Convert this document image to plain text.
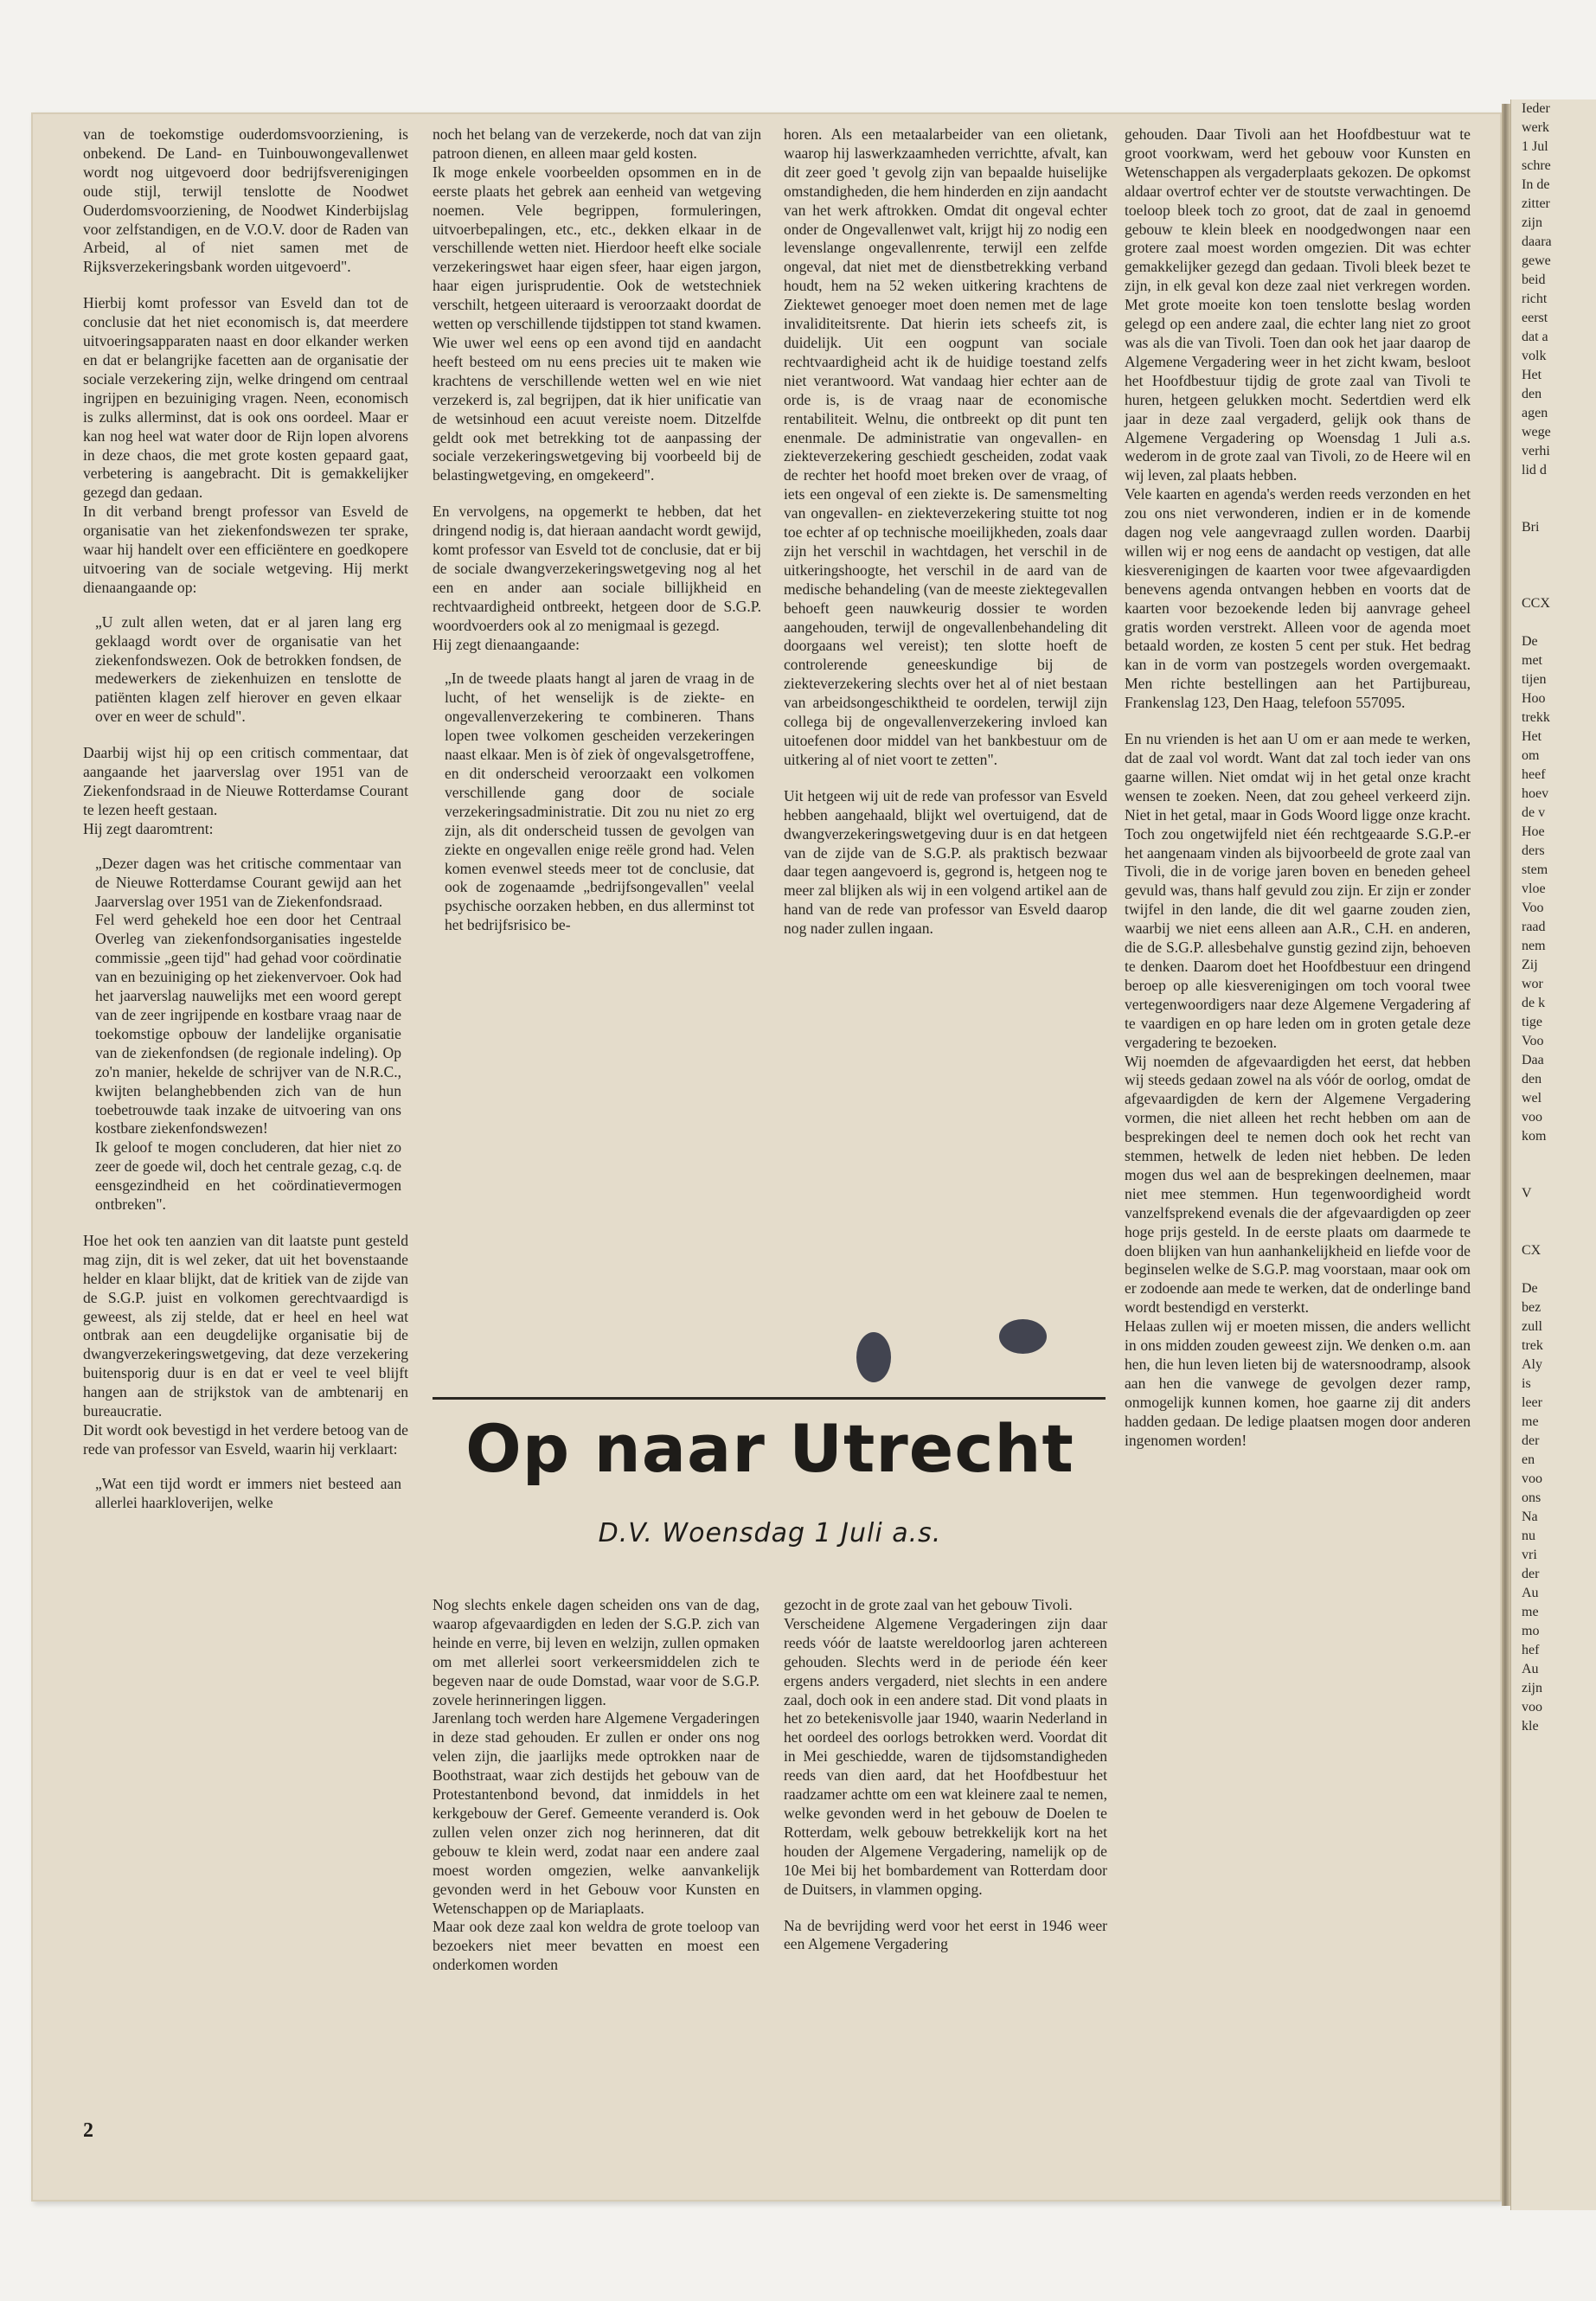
Ieder
werk
1 Jul
schre
In de
zitter
zijn
daara
gewe
beid
richt
eerst
dat a
volk
Het
den
agen
wege
verhi
lid d

Bri

CCX

De
met
tijen
Hoo
trekk
Het
om
heef
hoev
de v
Hoe
ders
stem
vloe
Voo
raad
nem
Zij
wor
de k
tige
Voo
Daa
den
wel
voo
kom

V

CX

De
bez
zull
trek
Aly
is
leer
me
der
en
voo
ons
Na
nu
vri
der
Au
me
mo
hef
Au
zijn
voo
kle

van de toekomstige ouderdomsvoorziening, is onbekend. De Land- en Tuinbouwongevallenwet wordt nog uitgevoerd door bedrijfsverenigingen oude stijl, terwijl tenslotte de Noodwet Ouderdomsvoorziening, de Noodwet Kinderbijslag voor zelfstandigen, en de V.O.V. door de Raden van Arbeid, al of niet samen met de Rijksverzekeringsbank worden uitgevoerd".

Hierbij komt professor van Esveld dan tot de conclusie dat het niet economisch is, dat meerdere uitvoeringsapparaten naast en door elkander werken en dat er belangrijke facetten aan de organisatie der sociale verzekering zijn, welke dringend om centraal ingrijpen en bezuiniging vragen. Neen, economisch is zulks allerminst, dat is ook ons oordeel. Maar er kan nog heel wat water door de Rijn lopen alvorens in deze chaos, die met grote kosten gepaard gaat, verbetering is aangebracht. Dit is gemakkelijker gezegd dan gedaan.

In dit verband brengt professor van Esveld de organisatie van het ziekenfondswezen ter sprake, waar hij handelt over een efficiëntere en goedkopere uitvoering van de sociale wetgeving. Hij merkt dienaangaande op:

„U zult allen weten, dat er al jaren lang erg geklaagd wordt over de organisatie van het ziekenfondswezen. Ook de betrokken fondsen, de medewerkers de ziekenhuizen en tenslotte de patiënten klagen zelf hierover en geven elkaar over en weer de schuld".

Daarbij wijst hij op een critisch commentaar, dat aangaande het jaarverslag over 1951 van de Ziekenfondsraad in de Nieuwe Rotterdamse Courant te lezen heeft gestaan.

Hij zegt daaromtrent:

„Dezer dagen was het critische commentaar van de Nieuwe Rotterdamse Courant gewijd aan het Jaarverslag over 1951 van de Ziekenfondsraad.

Fel werd gehekeld hoe een door het Centraal Overleg van ziekenfondsorganisaties ingestelde commissie „geen tijd" had gehad voor coördinatie van en bezuiniging op het ziekenvervoer. Ook had het jaarverslag nauwelijks met een woord gerept van de zeer ingrijpende en kostbare vraag naar de toekomstige opbouw der landelijke organisatie van de ziekenfondsen (de regionale indeling). Op zo'n manier, hekelde de schrijver van de N.R.C., kwijten belanghebbenden zich van de hun toebetrouwde taak inzake de uitvoering van ons kostbare ziekenfondswezen!

Ik geloof te mogen concluderen, dat hier niet zo zeer de goede wil, doch het centrale gezag, c.q. de eensgezindheid en het coördinatievermogen ontbreken".

Hoe het ook ten aanzien van dit laatste punt gesteld mag zijn, dit is wel zeker, dat uit het bovenstaande helder en klaar blijkt, dat de kritiek van de zijde van de S.G.P. juist en volkomen gerechtvaardigd is geweest, als zij stelde, dat er heel en heel wat ontbrak aan een deugdelijke organisatie bij de dwangverzekeringswetgeving, dat deze verzekering buitensporig duur is en dat er veel te veel blijft hangen aan de strijkstok van de ambtenarij en bureaucratie.

Dit wordt ook bevestigd in het verdere betoog van de rede van professor van Esveld, waarin hij verklaart:

„Wat een tijd wordt er immers niet besteed aan allerlei haarkloverijen, welke

noch het belang van de verzekerde, noch dat van zijn patroon dienen, en alleen maar geld kosten.

Ik moge enkele voorbeelden opsommen en in de eerste plaats het gebrek aan eenheid van wetgeving noemen. Vele begrippen, formuleringen, uitvoerbepalingen, etc., etc., dekken elkaar in de verschillende wetten niet. Hierdoor heeft elke sociale verzekeringswet haar eigen sfeer, haar eigen jargon, haar eigen jurisprudentie. Ook de wetstechniek verschilt, hetgeen uiteraard is veroorzaakt doordat de wetten op verschillende tijdstippen tot stand kwamen. Wie uwer wel eens op een avond tijd en aandacht heeft besteed om nu eens precies uit te maken wie krachtens de verschillende wetten wel en wie niet verzekerd is, zal begrijpen, dat ik hier unificatie van de wetsinhoud een acuut vereiste noem. Ditzelfde geldt ook met betrekking tot de aanpassing der sociale verzekeringswetgeving bij voorbeeld bij de belastingwetgeving, en omgekeerd".

En vervolgens, na opgemerkt te hebben, dat het dringend nodig is, dat hieraan aandacht wordt gewijd, komt professor van Esveld tot de conclusie, dat er bij de sociale dwangverzekeringswetgeving nog al het een en ander aan sociale billijkheid en rechtvaardigheid ontbreekt, hetgeen door de S.G.P. woordvoerders ook al zo menigmaal is gezegd.

Hij zegt dienaangaande:

„In de tweede plaats hangt al jaren de vraag in de lucht, of het wenselijk is de ziekte- en ongevallenverzekering te combineren. Thans lopen twee volkomen gescheiden verzekeringen naast elkaar. Men is òf ziek òf ongevalsgetroffene, en dit onderscheid veroorzaakt een volkomen verschillende gang door de sociale verzekeringsadministratie. Dit zou nu niet zo erg zijn, als dit onderscheid tussen de gevolgen van ziekte en ongevallen enige reële grond had. Velen komen evenwel steeds meer tot de conclusie, dat ook de zogenaamde „bedrijfsongevallen" veelal psychische oorzaken hebben, en dus allerminst tot het bedrijfsrisico be-

horen. Als een metaalarbeider van een olietank, waarop hij laswerkzaamheden verrichtte, afvalt, kan dit zeer goed 't gevolg zijn van bepaalde huiselijke omstandigheden, die hem hinderden en zijn aandacht van het werk aftrokken. Omdat dit ongeval echter onder de Ongevallenwet valt, krijgt hij zo nodig een levenslange ongevallenrente, terwijl een zelfde ongeval, dat niet met de dienstbetrekking verband houdt, hem na 52 weken uitkering krachtens de Ziektewet genoeger moet doen nemen met de lage invaliditeitsrente. Dat hierin iets scheefs zit, is duidelijk. Uit een oogpunt van sociale rechtvaardigheid acht ik de huidige toestand zelfs niet verantwoord. Wat vandaag hier echter aan de orde is, is de vraag naar de economische rentabiliteit. Welnu, die ontbreekt op dit punt ten enenmale. De administratie van ongevallen- en ziekteverzekering geschiedt gescheiden, zodat vaak de rechter het hoofd moet breken over de vraag, of iets een ongeval of een ziekte is. De samensmelting van ongevallen- en ziekteverzekering stuitte tot nog toe echter af op technische moeilijkheden, zoals daar zijn het verschil in wachtdagen, het verschil in de uitkeringshoogte, het verschil in de aard van de medische behandeling (van de meeste ziektegevallen behoeft geen nauwkeurig dossier te worden aangehouden, terwijl de ongevallenbehandeling dit doorgaans wel vereist); ten slotte hoeft de controlerende geneeskundige bij de ziekteverzekering slechts over het al of niet bestaan van arbeidsongeschiktheid te oordelen, terwijl zijn collega bij de ongevallenverzekering invloed kan uitoefenen door middel van het bankbestuur om de uitkering al of niet voort te zetten".

Uit hetgeen wij uit de rede van professor van Esveld hebben aangehaald, blijkt wel overtuigend, dat de dwangverzekeringswetgeving duur is en dat hetgeen van de zijde van de S.G.P. als praktisch bezwaar daar tegen aangevoerd is, gegrond is, hetgeen nog te meer zal blijken als wij in een volgend artikel aan de hand van de rede van professor van Esveld daarop nog nader zullen ingaan.

gehouden. Daar Tivoli aan het Hoofdbestuur wat te groot voorkwam, werd het gebouw voor Kunsten en Wetenschappen als vergaderplaats gekozen. De opkomst aldaar overtrof echter ver de stoutste verwachtingen. De toeloop bleek toch zo groot, dat de zaal in genoemd gebouw te klein bleek en noodgedwongen naar een grotere zaal moest worden omgezien. Dit was echter gemakkelijker gezegd dan gedaan. Tivoli bleek bezet te zijn, in elk geval kon deze zaal niet verkregen worden. Met grote moeite kon toen tenslotte beslag worden gelegd op een andere zaal, die echter lang niet zo groot was als die van Tivoli. Toen dan ook het jaar daarop de Algemene Vergadering weer in het zicht kwam, besloot het Hoofdbestuur tijdig de grote zaal van Tivoli te huren, hetgeen gelukken mocht. Sedertdien werd elk jaar in deze zaal vergaderd, gelijk ook thans de Algemene Vergadering op Woensdag 1 Juli a.s. wederom in de grote zaal van Tivoli, zo de Heere wil en wij leven, zal plaats hebben.

Vele kaarten en agenda's werden reeds verzonden en het zou ons niet verwonderen, indien er in de komende dagen nog vele aangevraagd zullen worden. Daarbij willen wij er nog eens de aandacht op vestigen, dat alle kiesverenigingen de kaarten voor twee afgevaardigden benevens agenda ontvangen hebben en voorts dat de kaarten voor bezoekende leden bij aanvrage geheel gratis worden verstrekt. Alleen voor de agenda moet betaald worden, ze kosten 5 cent per stuk. Het bedrag kan in de vorm van postzegels worden overgemaakt. Men richte bestellingen aan het Partijbureau, Frankenslag 123, Den Haag, telefoon 557095.

En nu vrienden is het aan U om er aan mede te werken, dat de zaal vol wordt. Want dat zal toch ieder van ons gaarne willen. Niet omdat wij in het getal onze kracht wensen te zoeken. Neen, dat zou geheel verkeerd zijn. Niet in het getal, maar in Gods Woord ligge onze kracht. Toch zou ongetwijfeld niet één rechtgeaarde S.G.P.-er het aangenaam vinden als bijvoorbeeld de grote zaal van Tivoli, die in de vorige jaren boven en beneden geheel gevuld was, thans half gevuld zou zijn. Er zijn er zonder twijfel in den lande, die dit wel gaarne zouden zien, waarbij we niet eens alleen aan A.R., C.H. en anderen, die de S.G.P. allesbehalve gunstig gezind zijn, behoeven te denken. Daarom doet het Hoofdbestuur een dringend beroep op alle kiesverenigingen om toch vooral twee vertegenwoordigers naar deze Algemene Vergadering af te vaardigen en op hare leden om in groten getale deze vergadering te bezoeken.

Wij noemden de afgevaardigden het eerst, dat hebben wij steeds gedaan zowel na als vóór de oorlog, omdat de afgevaardigden de kern der Algemene Vergadering vormen, die niet alleen het recht hebben om aan de besprekingen deel te nemen doch ook het recht van stemmen, hetwelk de leden niet hebben. De leden mogen dus wel aan de besprekingen deelnemen, maar niet mee stemmen. Hun tegenwoordigheid wordt vanzelfsprekend evenals die der afgevaardigden op zeer hoge prijs gesteld. In de eerste plaats om daarmede te doen blijken van hun aanhankelijkheid en liefde voor de beginselen welke de S.G.P. mag voorstaan, maar ook om er zodoende aan mede te werken, dat de onderlinge band wordt bestendigd en versterkt.

Helaas zullen wij er moeten missen, die anders wellicht in ons midden zouden geweest zijn. We denken o.m. aan hen, die hun leven lieten bij de watersnoodramp, alsook aan hen die vanwege de gevolgen dezer ramp, onmogelijk kunnen komen, hoe gaarne zij dit anders hadden gedaan. De ledige plaatsen mogen door anderen ingenomen worden!

Op naar Utrecht
D.V. Woensdag 1 Juli a.s.

Nog slechts enkele dagen scheiden ons van de dag, waarop afgevaardigden en leden der S.G.P. zich van heinde en verre, bij leven en welzijn, zullen opmaken om met allerlei soort verkeersmiddelen zich te begeven naar de oude Domstad, waar voor de S.G.P. zovele herinneringen liggen.

Jarenlang toch werden hare Algemene Vergaderingen in deze stad gehouden. Er zullen er onder ons nog velen zijn, die jaarlijks mede optrokken naar de Boothstraat, waar zich destijds het gebouw van de Protestantenbond bevond, dat inmiddels in het kerkgebouw der Geref. Gemeente veranderd is. Ook zullen velen onzer zich nog herinneren, dat dit gebouw te klein werd, zodat naar een andere zaal moest worden omgezien, welke aanvankelijk gevonden werd in het Gebouw voor Kunsten en Wetenschappen op de Mariaplaats.

Maar ook deze zaal kon weldra de grote toeloop van bezoekers niet meer bevatten en moest een onderkomen worden

gezocht in de grote zaal van het gebouw Tivoli.

Verscheidene Algemene Vergaderingen zijn daar reeds vóór de laatste wereldoorlog jaren achtereen gehouden. Slechts werd in de periode één keer ergens anders vergaderd, niet slechts in een andere zaal, doch ook in een andere stad. Dit vond plaats in het zo betekenisvolle jaar 1940, waarin Nederland in het oordeel des oorlogs betrokken werd. Voordat dit in Mei geschiedde, waren de tijdsomstandigheden reeds van dien aard, dat het Hoofdbestuur het raadzamer achtte om een wat kleinere zaal te nemen, welke gevonden werd in het gebouw de Doelen te Rotterdam, welk gebouw betrekkelijk kort na het houden der Algemene Vergadering, namelijk op de 10e Mei bij het bombardement van Rotterdam door de Duitsers, in vlammen opging.

Na de bevrijding werd voor het eerst in 1946 weer een Algemene Vergadering

2
